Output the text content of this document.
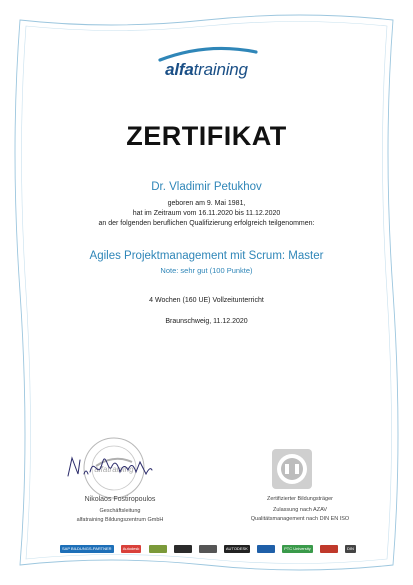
alfatraining
ZERTIFIKAT
Dr. Vladimir Petukhov
geboren am 9. Mai 1981,
hat im Zeitraum vom 16.11.2020 bis 11.12.2020
an der folgenden beruflichen Qualifizierung erfolgreich teilgenommen:
Agiles Projektmanagement mit Scrum: Master
Note: sehr gut (100 Punkte)
4 Wochen (160 UE) Vollzeitunterricht
Braunschweig, 11.12.2020
alfatraining
Nikolaos Fostiropoulos
Geschäftsleitung
alfatraining Bildungszentrum GmbH
Zertifizierter Bildungsträger
Zulassung nach AZAV
Qualitätsmanagement nach DIN EN ISO
SAP BILDUNGS-PARTNER	Autodesk	AUTODESK	PTC University	DIN
